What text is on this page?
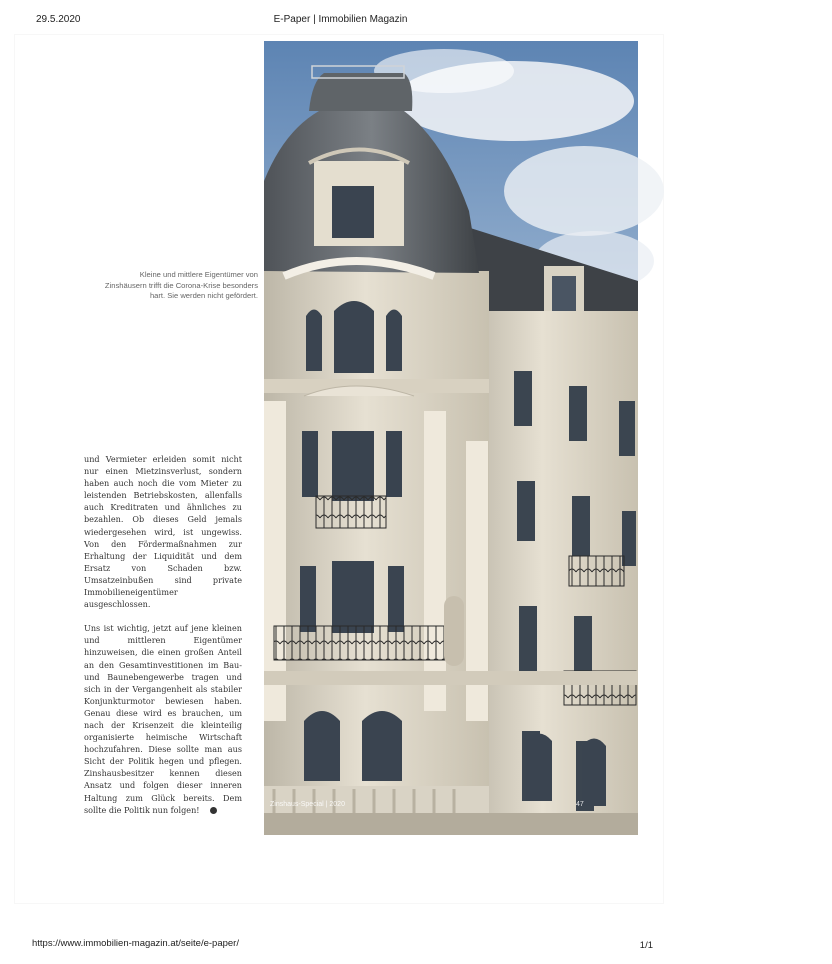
29.5.2020	E-Paper | Immobilien Magazin
Kleine und mittlere Eigentümer von Zinshäusern trifft die Corona-Krise besonders hart. Sie werden nicht gefördert.

und Vermieter erleiden somit nicht nur einen Mietzinsverlust, sondern haben auch noch die vom Mieter zu leistenden Betriebskosten, allenfalls auch Kreditraten und ähnliches zu bezahlen. Ob dieses Geld jemals wiedergesehen wird, ist ungewiss. Von den Fördermaßnahmen zur Erhaltung der Liquidität und dem Ersatz von Schaden bzw. Umsatzeinbußen sind private Immobilieneigentümer ausgeschlossen.

Uns ist wichtig, jetzt auf jene kleinen und mittleren Eigentümer hinzuweisen, die einen großen Anteil an den Gesamtinvestitionen im Bau- und Baunebengewerbe tragen und sich in der Vergangenheit als stabiler Konjunkturmotor bewiesen haben. Genau diese wird es brauchen, um nach der Krisenzeit die kleinteilig organisierte heimische Wirtschaft hochzufahren. Diese sollte man aus Sicht der Politik hegen und pflegen. Zinshausbesitzer kennen diesen Ansatz und folgen dieser inneren Haltung zum Glück bereits. Dem sollte die Politik nun folgen!

Martin Prunbauer | Gastbeitrag
Zinshaus-Special | 2020	47
https://www.immobilien-magazin.at/seite/e-paper/	1/1
